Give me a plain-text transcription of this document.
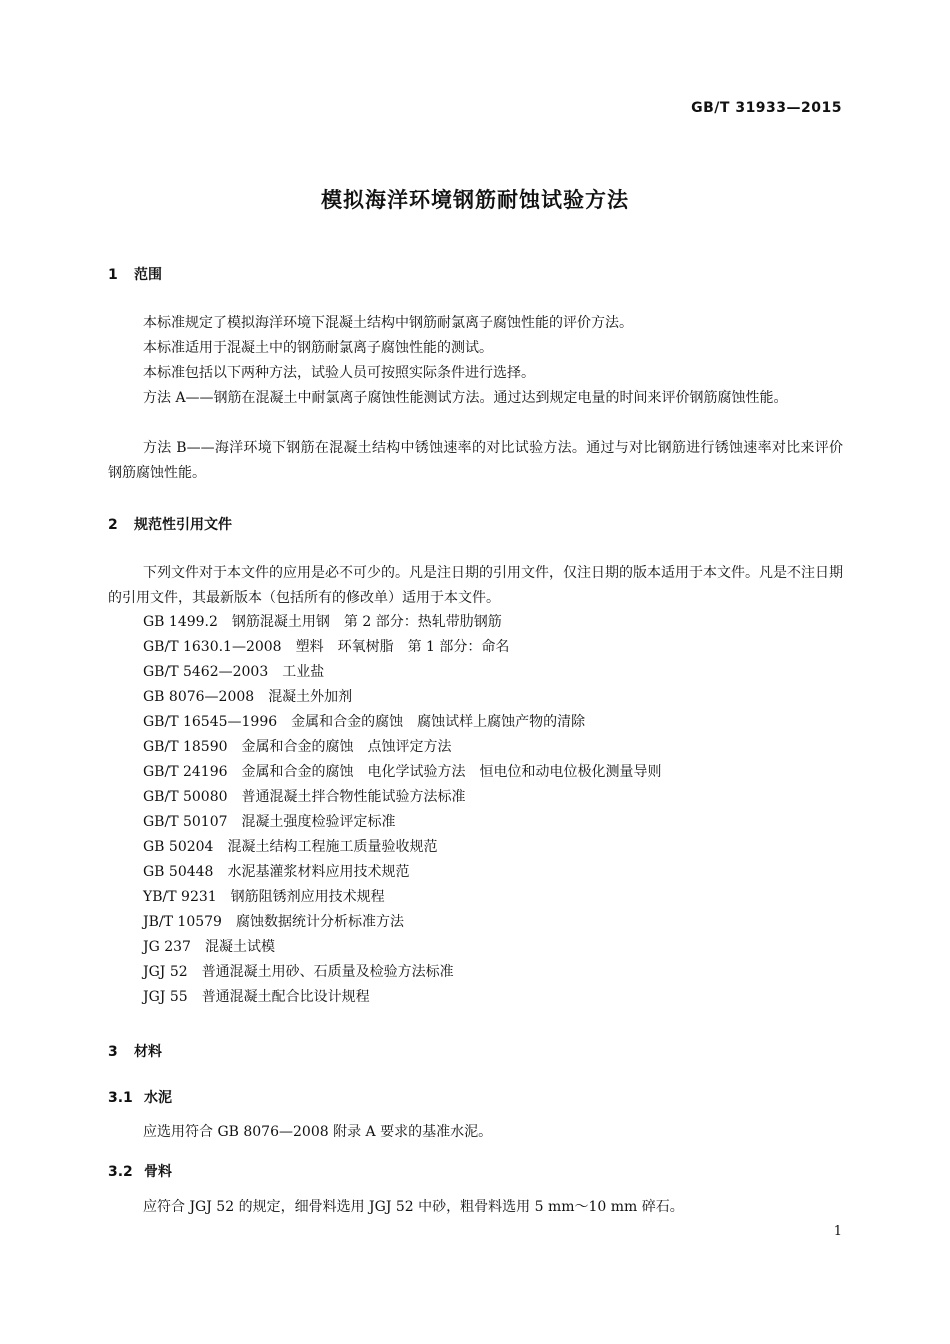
GB/T 31933—2015
模拟海洋环境钢筋耐蚀试验方法
1 范围
本标准规定了模拟海洋环境下混凝土结构中钢筋耐氯离子腐蚀性能的评价方法。
本标准适用于混凝土中的钢筋耐氯离子腐蚀性能的测试。
本标准包括以下两种方法，试验人员可按照实际条件进行选择。
方法 A——钢筋在混凝土中耐氯离子腐蚀性能测试方法。通过达到规定电量的时间来评价钢筋腐蚀性能。
方法 B——海洋环境下钢筋在混凝土结构中锈蚀速率的对比试验方法。通过与对比钢筋进行锈蚀速率对比来评价钢筋腐蚀性能。
2 规范性引用文件
下列文件对于本文件的应用是必不可少的。凡是注日期的引用文件，仅注日期的版本适用于本文件。凡是不注日期的引用文件，其最新版本（包括所有的修改单）适用于本文件。
GB 1499.2 钢筋混凝土用钢　第 2 部分：热轧带肋钢筋
GB/T 1630.1—2008 塑料　环氧树脂　第 1 部分：命名
GB/T 5462—2003 工业盐
GB 8076—2008 混凝土外加剂
GB/T 16545—1996 金属和合金的腐蚀　腐蚀试样上腐蚀产物的清除
GB/T 18590 金属和合金的腐蚀　点蚀评定方法
GB/T 24196 金属和合金的腐蚀　电化学试验方法　恒电位和动电位极化测量导则
GB/T 50080 普通混凝土拌合物性能试验方法标准
GB/T 50107 混凝土强度检验评定标准
GB 50204 混凝土结构工程施工质量验收规范
GB 50448 水泥基灌浆材料应用技术规范
YB/T 9231 钢筋阻锈剂应用技术规程
JB/T 10579 腐蚀数据统计分析标准方法
JG 237 混凝土试模
JGJ 52 普通混凝土用砂、石质量及检验方法标准
JGJ 55 普通混凝土配合比设计规程
3 材料
3.1 水泥
应选用符合 GB 8076—2008 附录 A 要求的基准水泥。
3.2 骨料
应符合 JGJ 52 的规定，细骨料选用 JGJ 52 中砂，粗骨料选用 5 mm～10 mm 碎石。
1
